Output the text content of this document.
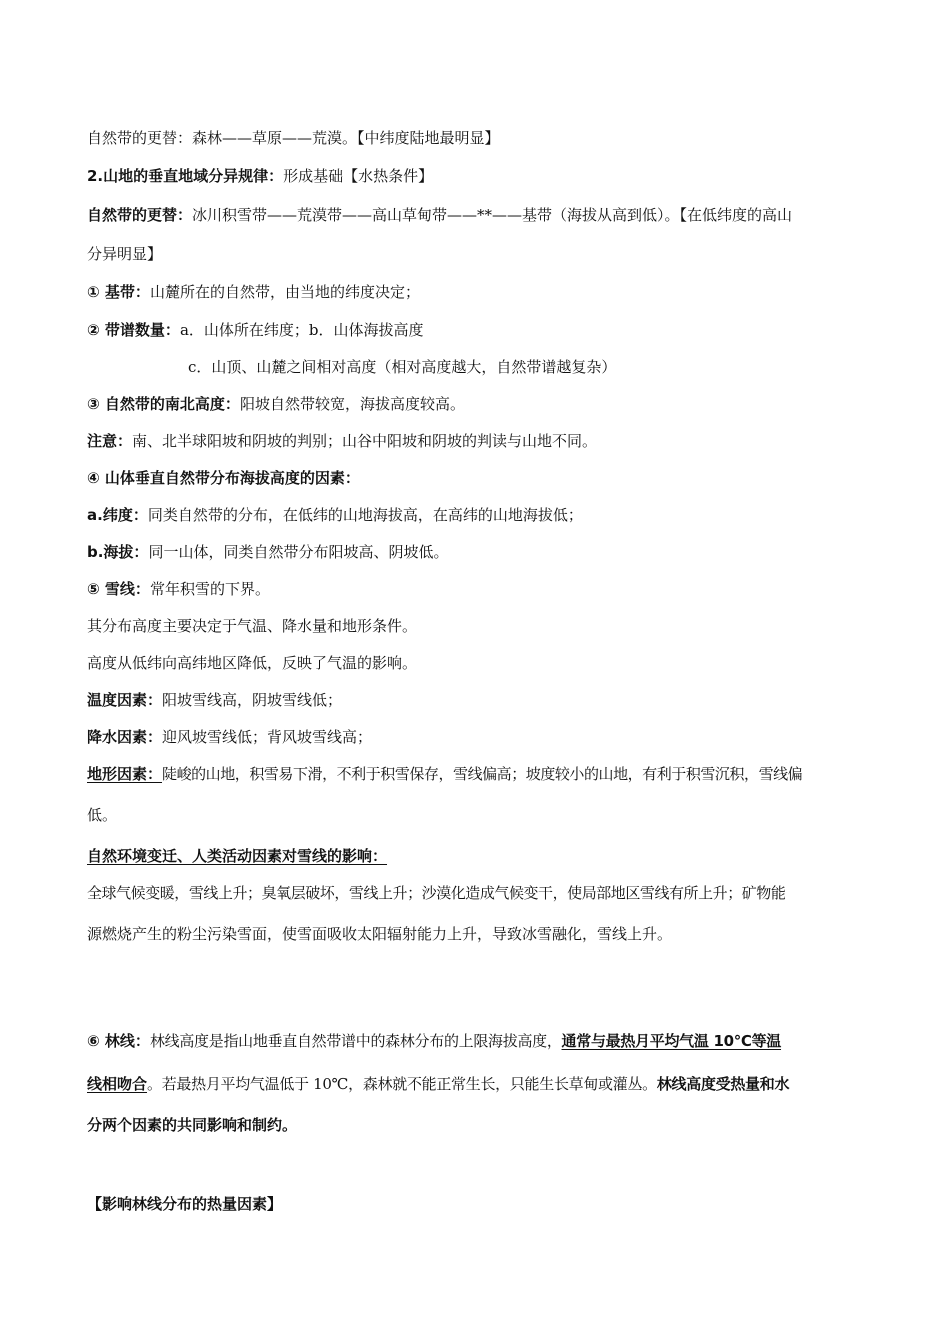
自然带的更替：森林——草原——荒漠。【中纬度陆地最明显】
2.山地的垂直地域分异规律：形成基础【水热条件】
自然带的更替：冰川积雪带——荒漠带——高山草甸带——**——基带（海拔从高到低）。【在低纬度的高山
分异明显】
① 基带：山麓所在的自然带，由当地的纬度决定；
② 带谱数量：a．山体所在纬度；b．山体海拔高度
c．山顶、山麓之间相对高度（相对高度越大，自然带谱越复杂）
③ 自然带的南北高度：阳坡自然带较宽，海拔高度较高。
注意：南、北半球阳坡和阴坡的判别；山谷中阳坡和阴坡的判读与山地不同。
④ 山体垂直自然带分布海拔高度的因素：
a.纬度：同类自然带的分布，在低纬的山地海拔高，在高纬的山地海拔低；
b.海拔：同一山体，同类自然带分布阳坡高、阴坡低。
⑤ 雪线：常年积雪的下界。
其分布高度主要决定于气温、降水量和地形条件。
高度从低纬向高纬地区降低，反映了气温的影响。
温度因素：阳坡雪线高，阴坡雪线低；
降水因素：迎风坡雪线低；背风坡雪线高；
地形因素：陡峻的山地，积雪易下滑，不利于积雪保存，雪线偏高；坡度较小的山地，有利于积雪沉积，雪线偏
低。
自然环境变迁、人类活动因素对雪线的影响：
全球气候变暖，雪线上升；臭氧层破坏，雪线上升；沙漠化造成气候变干，使局部地区雪线有所上升；矿物能
源燃烧产生的粉尘污染雪面，使雪面吸收太阳辐射能力上升，导致冰雪融化，雪线上升。
⑥ 林线：林线高度是指山地垂直自然带谱中的森林分布的上限海拔高度，通常与最热月平均气温 10℃等温
线相吻合。若最热月平均气温低于 10℃，森林就不能正常生长，只能生长草甸或灌丛。林线高度受热量和水
分两个因素的共同影响和制约。
【影响林线分布的热量因素】
